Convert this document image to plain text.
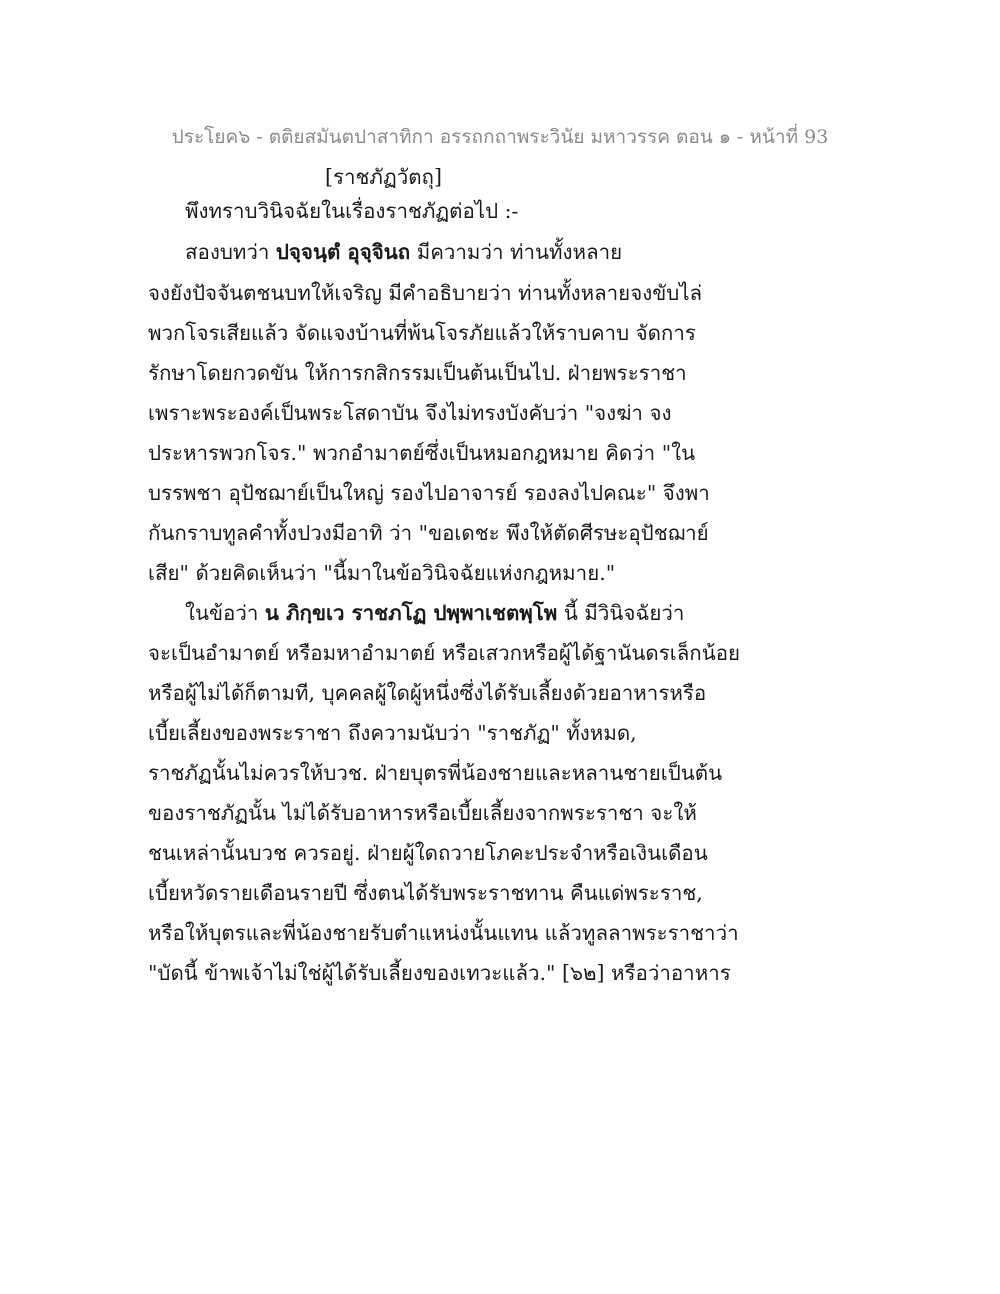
ประโยค๖ - ตติยสมันตปาสาทิกา อรรถกถาพระวินัย มหาวรรค ตอน ๑ - หน้าที่ 93
[ราชภัฏวัตถุ]
พึงทราบวินิจฉัยในเรื่องราชภัฏต่อไป :-
สองบทว่า ปจฺจนฺตํ อุจฺจินถ มีความว่า ท่านทั้งหลาย
จงยังปัจจันตชนบทให้เจริญ มีคำอธิบายว่า ท่านทั้งหลายจงขับไล่
พวกโจรเสียแล้ว จัดแจงบ้านที่พ้นโจรภัยแล้วให้ราบคาบ จัดการ
รักษาโดยกวดขัน ให้การกสิกรรมเป็นต้นเป็นไป. ฝ่ายพระราชา
เพราะพระองค์เป็นพระโสดาบัน จึงไม่ทรงบังคับว่า "จงฆ่า จง
ประหารพวกโจร." พวกอำมาตย์ซึ่งเป็นหมอกฎหมาย คิดว่า "ใน
บรรพชา อุปัชฌาย์เป็นใหญ่ รองไปอาจารย์ รองลงไปคณะ" จึงพา
กันกราบทูลคำทั้งปวงมีอาทิ ว่า "ขอเดชะ พึงให้ตัดศีรษะอุปัชฌาย์
เสีย" ด้วยคิดเห็นว่า "นี้มาในข้อวินิจฉัยแห่งกฎหมาย."
ในข้อว่า น ภิกฺขเว ราชภโฏ ปพฺพาเชตพฺโพ นี้ มีวินิจฉัยว่า
จะเป็นอำมาตย์ หรือมหาอำมาตย์ หรือเสวกหรือผู้ได้ฐานันดรเล็กน้อย
หรือผู้ไม่ได้ก็ตามที, บุคคลผู้ใดผู้หนึ่งซึ่งได้รับเลี้ยงด้วยอาหารหรือ
เบี้ยเลี้ยงของพระราชา ถึงความนับว่า "ราชภัฏ" ทั้งหมด,
ราชภัฏนั้นไม่ควรให้บวช. ฝ่ายบุตรพี่น้องชายและหลานชายเป็นต้น
ของราชภัฏนั้น ไม่ได้รับอาหารหรือเบี้ยเลี้ยงจากพระราชา จะให้
ชนเหล่านั้นบวช ควรอยู่. ฝ่ายผู้ใดถวายโภคะประจำหรือเงินเดือน
เบี้ยหวัดรายเดือนรายปี ซึ่งตนได้รับพระราชทาน คืนแด่พระราช,
หรือให้บุตรและพี่น้องชายรับตำแหน่งนั้นแทน แล้วทูลลาพระราชาว่า
"บัดนี้ ข้าพเจ้าไม่ใช่ผู้ได้รับเลี้ยงของเทวะแล้ว." [๖๒] หรือว่าอาหาร
